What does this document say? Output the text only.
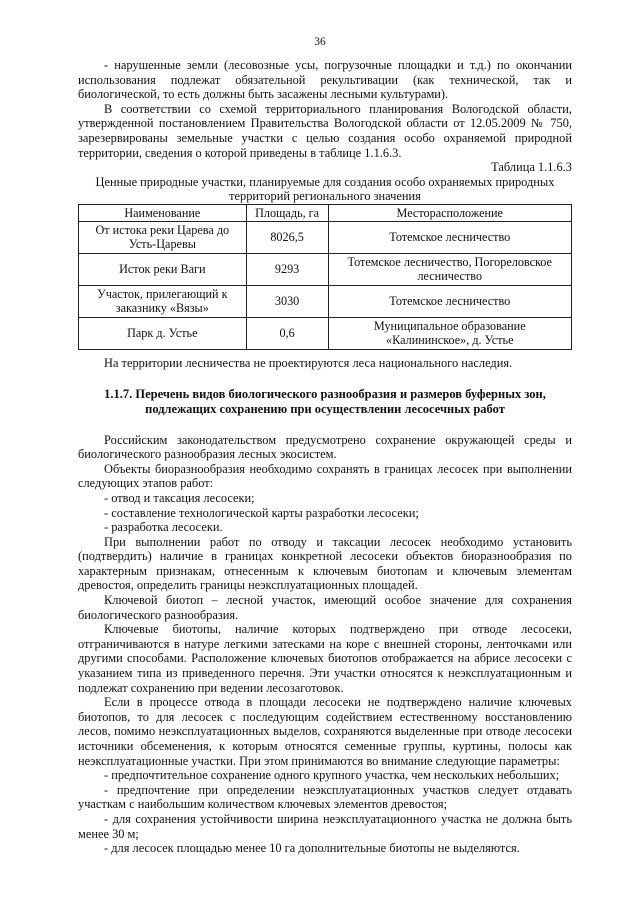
36

- нарушенные земли (лесовозные усы, погрузочные площадки и т.д.) по окончании использования подлежат обязательной рекультивации (как технической, так и биологической, то есть должны быть засажены лесными культурами).

В соответствии со схемой территориального планирования Вологодской области, утвержденной постановлением Правительства Вологодской области от 12.05.2009 № 750, зарезервированы земельные участки с целью создания особо охраняемой природной территории, сведения о которой приведены в таблице 1.1.6.3.

Таблица 1.1.6.3

Ценные природные участки, планируемые для создания особо охраняемых природных территорий регионального значения

Наименование	Площадь, га	Месторасположение
От истока реки Царева до Усть-Царевы	8026,5	Тотемское лесничество
Исток реки Ваги	9293	Тотемское лесничество, Погореловское лесничество
Участок, прилегающий к заказнику «Вязы»	3030	Тотемское лесничество
Парк д. Устье	0,6	Муниципальное образование «Калининское», д. Устье

На территории лесничества не проектируются леса национального наследия.

1.1.7. Перечень видов биологического разнообразия и размеров буферных зон, подлежащих сохранению при осуществлении лесосечных работ

Российским законодательством предусмотрено сохранение окружающей среды и биологического разнообразия лесных экосистем.

Объекты биоразнообразия необходимо сохранять в границах лесосек при выполнении следующих этапов работ:

- отвод и таксация лесосеки;

- составление технологической карты разработки лесосеки;

- разработка лесосеки.

При выполнении работ по отводу и таксации лесосек необходимо установить (подтвердить) наличие в границах конкретной лесосеки объектов биоразнообразия по характерным признакам, отнесенным к ключевым биотопам и ключевым элементам древостоя, определить границы неэксплуатационных площадей.

Ключевой биотоп – лесной участок, имеющий особое значение для сохранения биологического разнообразия.

Ключевые биотопы, наличие которых подтверждено при отводе лесосеки, отграничиваются в натуре легкими затесками на коре с внешней стороны, ленточками или другими способами. Расположение ключевых биотопов отображается на абрисе лесосеки с указанием типа из приведенного перечня. Эти участки относятся к неэксплуатационным и подлежат сохранению при ведении лесозаготовок.

Если в процессе отвода в площади лесосеки не подтверждено наличие ключевых биотопов, то для лесосек с последующим содействием естественному восстановлению лесов, помимо неэксплуатационных выделов, сохраняются выделенные при отводе лесосеки источники обсеменения, к которым относятся семенные группы, куртины, полосы как неэксплуатационные участки. При этом принимаются во внимание следующие параметры:

- предпочтительное сохранение одного крупного участка, чем нескольких небольших;

- предпочтение при определении неэксплуатационных участков следует отдавать участкам с наибольшим количеством ключевых элементов древостоя;

- для сохранения устойчивости ширина неэксплуатационного участка не должна быть менее 30 м;

- для лесосек площадью менее 10 га дополнительные биотопы не выделяются.
